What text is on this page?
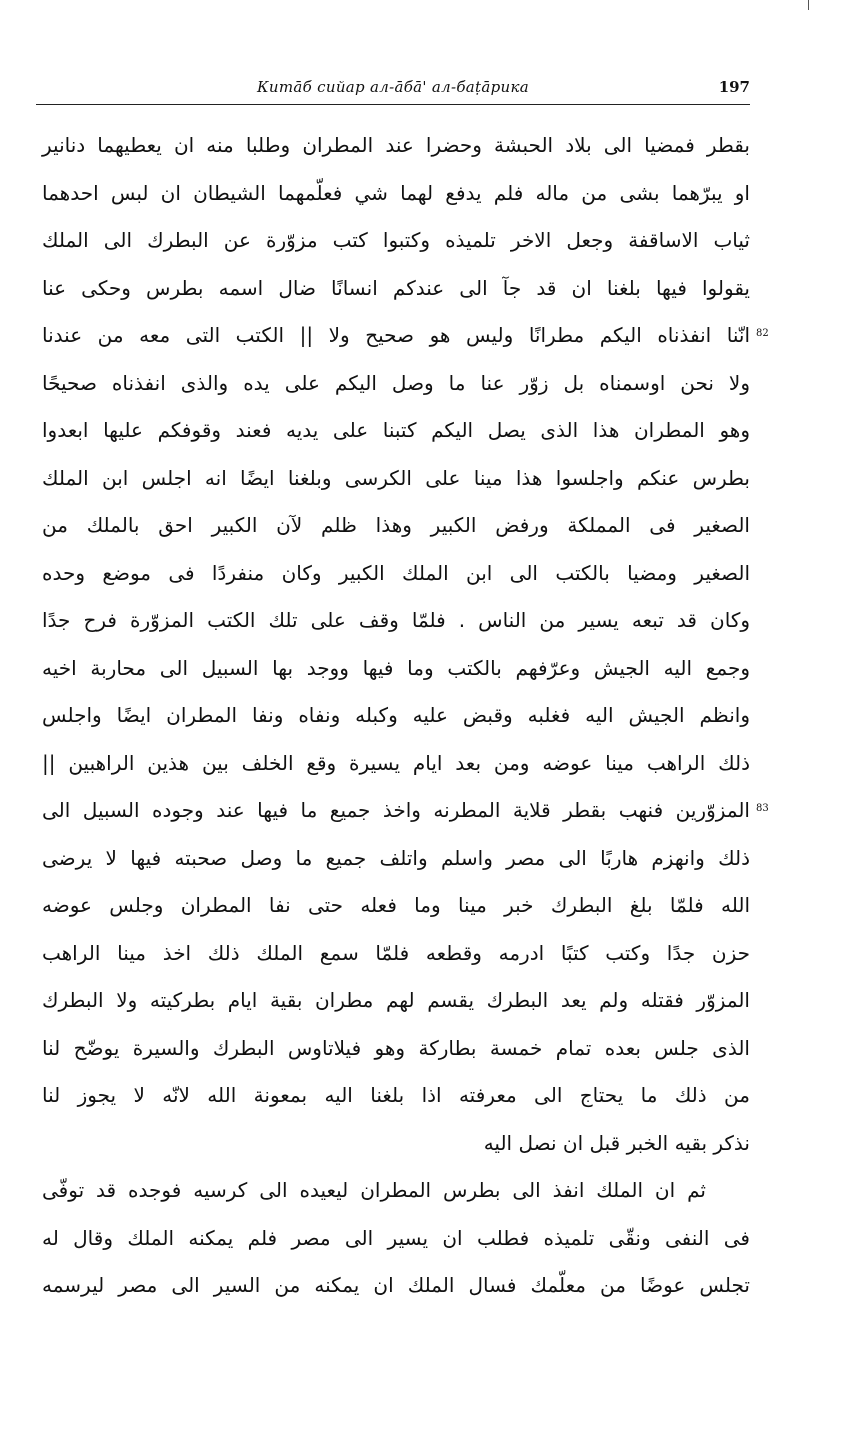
Китāб сийар ал-āбā' ал-баṭāрика	197
82
83
بقطر فمضيا الى بلاد الحبشة وحضرا عند المطران وطلبا منه ان يعطيهما دنانير
او يبرّهما بشى من ماله فلم يدفع لهما شي فعلّمهما الشيطان ان لبس احدهما
ثياب الاساقفة وجعل الاخر تلميذه وكتبوا كتب مزوّرة عن البطرك الى الملك
يقولوا فيها بلغنا ان قد جآ الى عندكم انسانًا ضال اسمه بطرس وحكى عنا
انّنا انفذناه اليكم مطرانًا وليس هو صحيح ولا || الكتب التى معه من عندنا
ولا نحن اوسمناه بل زوّر عنا ما وصل اليكم على يده والذى انفذناه صحيحًا
وهو المطران هذا الذى يصل اليكم كتبنا على يديه فعند وقوفكم عليها ابعدوا
بطرس عنكم واجلسوا هذا مينا على الكرسى وبلغنا ايضًا انه اجلس ابن الملك
الصغير فى المملكة ورفض الكبير وهذا ظلم لآن الكبير احق بالملك من
الصغير ومضيا بالكتب الى ابن الملك الكبير وكان منفردًا فى موضع وحده
وكان قد تبعه يسير من الناس . فلمّا وقف على تلك الكتب المزوّرة فرح جدًا
وجمع اليه الجيش وعرّفهم بالكتب وما فيها ووجد بها السبيل الى محاربة اخيه
وانظم الجيش اليه فغلبه وقبض عليه وكبله ونفاه ونفا المطران ايضًا واجلس
ذلك الراهب مينا عوضه ومن بعد ايام يسيرة وقع الخلف بين هذين الراهبين ||
المزوّرين فنهب بقطر قلاية المطرنه واخذ جميع ما فيها عند وجوده السبيل الى
ذلك وانهزم هاربًا الى مصر واسلم واتلف جميع ما وصل صحبته فيها لا يرضى
الله فلمّا بلغ البطرك خبر مينا وما فعله حتى نفا المطران وجلس عوضه
حزن جدًا وكتب كتبًا ادرمه وقطعه فلمّا سمع الملك ذلك اخذ مينا الراهب
المزوّر فقتله ولم يعد البطرك يقسم لهم مطران بقية ايام بطركيته ولا البطرك
الذى جلس بعده تمام خمسة بطاركة وهو فيلاتاوس البطرك والسيرة يوضّح لنا
من ذلك ما يحتاج الى معرفته اذا بلغنا اليه بمعونة الله لانّه لا يجوز لنا
نذكر بقيه الخبر قبل ان نصل اليه
ثم ان الملك انفذ الى بطرس المطران ليعيده الى كرسيه فوجده قد توفّى
فى النفى ونقّى تلميذه فطلب ان يسير الى مصر فلم يمكنه الملك وقال له
تجلس عوضًا من معلّمك فسال الملك ان يمكنه من السير الى مصر ليرسمه
